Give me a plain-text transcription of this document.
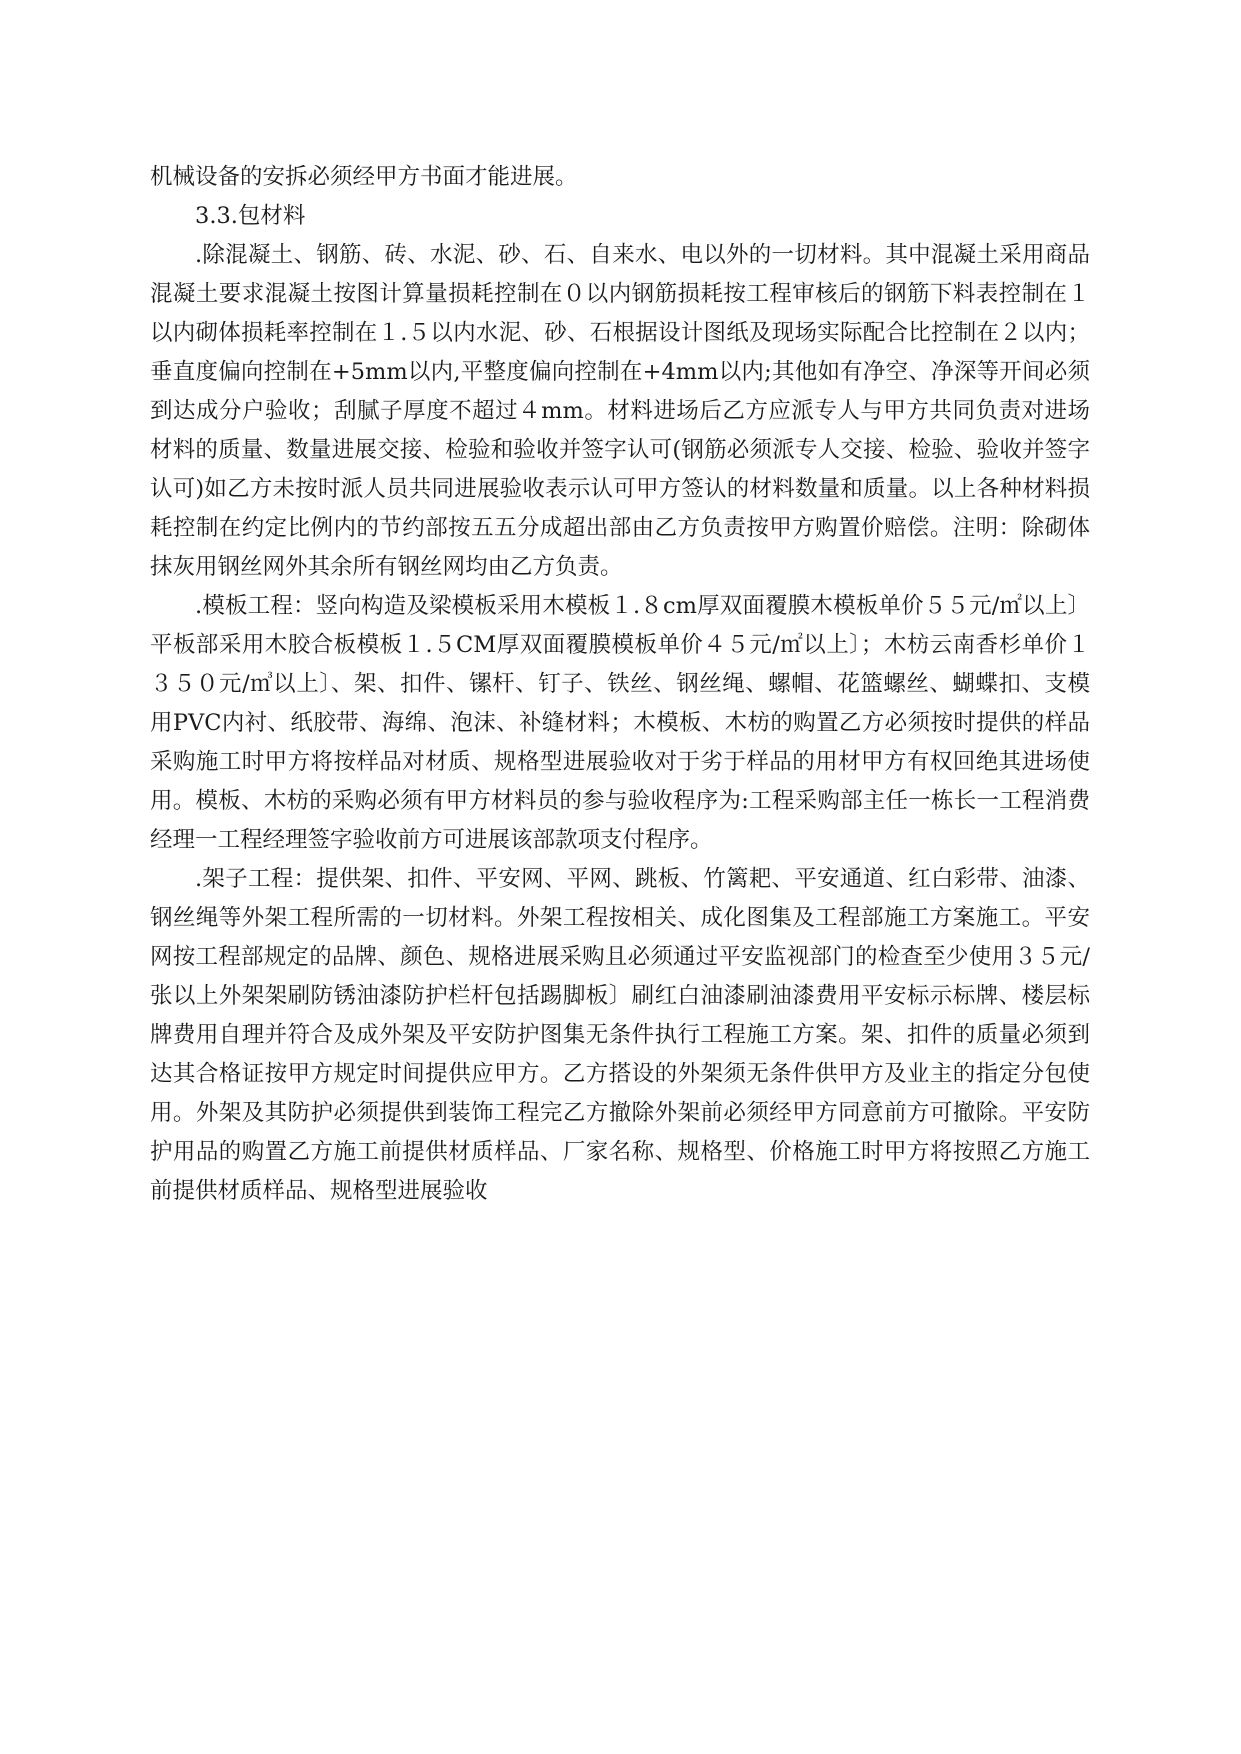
机械设备的安拆必须经甲方书面才能进展。

3.3.包材料

.除混凝土、钢筋、砖、水泥、砂、石、自来水、电以外的一切材料。其中混凝土采用商品混凝土要求混凝土按图计算量损耗控制在０以内钢筋损耗按工程审核后的钢筋下料表控制在１以内砌体损耗率控制在１.５以内水泥、砂、石根据设计图纸及现场实际配合比控制在２以内；垂直度偏向控制在+5mm以内,平整度偏向控制在+4mm以内;其他如有净空、净深等开间必须到达成分户验收；刮腻子厚度不超过４mm。材料进场后乙方应派专人与甲方共同负责对进场材料的质量、数量进展交接、检验和验收并签字认可(钢筋必须派专人交接、检验、验收并签字认可)如乙方未按时派人员共同进展验收表示认可甲方签认的材料数量和质量。以上各种材料损耗控制在约定比例内的节约部按五五分成超出部由乙方负责按甲方购置价赔偿。注明：除砌体抹灰用钢丝网外其余所有钢丝网均由乙方负责。

.模板工程：竖向构造及梁模板采用木模板１.８cm厚双面覆膜木模板单价５５元/㎡以上〕平板部采用木胶合板模板１.５CM厚双面覆膜模板单价４５元/㎡以上〕；木枋云南香杉单价１３５０元/㎥以上〕、架、扣件、镙杆、钉子、铁丝、钢丝绳、螺帽、花篮螺丝、蝴蝶扣、支模用PVC内衬、纸胶带、海绵、泡沫、补缝材料；木模板、木枋的购置乙方必须按时提供的样品采购施工时甲方将按样品对材质、规格型进展验收对于劣于样品的用材甲方有权回绝其进场使用。模板、木枋的采购必须有甲方材料员的参与验收程序为:工程采购部主任一栋长一工程消费经理一工程经理签字验收前方可进展该部款项支付程序。

.架子工程：提供架、扣件、平安网、平网、跳板、竹篱耙、平安通道、红白彩带、油漆、钢丝绳等外架工程所需的一切材料。外架工程按相关、成化图集及工程部施工方案施工。平安网按工程部规定的品牌、颜色、规格进展采购且必须通过平安监视部门的检查至少使用３５元/张以上外架架刷防锈油漆防护栏杆包括踢脚板〕刷红白油漆刷油漆费用平安标示标牌、楼层标牌费用自理并符合及成外架及平安防护图集无条件执行工程施工方案。架、扣件的质量必须到达其合格证按甲方规定时间提供应甲方。乙方搭设的外架须无条件供甲方及业主的指定分包使用。外架及其防护必须提供到装饰工程完乙方撤除外架前必须经甲方同意前方可撤除。平安防护用品的购置乙方施工前提供材质样品、厂家名称、规格型、价格施工时甲方将按照乙方施工前提供材质样品、规格型进展验收
